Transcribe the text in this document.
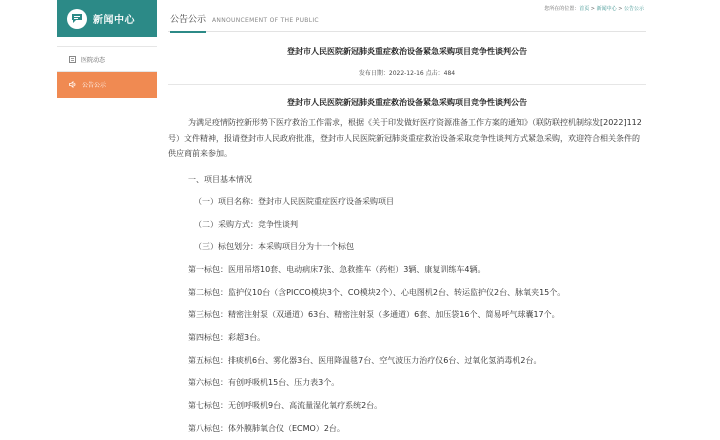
新闻中心
医院动态
公告公示
公告公示 ANNOUNCEMENT OF THE PUBLIC
您所在的位置：首页 > 新闻中心 > 公告公示
登封市人民医院新冠肺炎重症救治设备紧急采购项目竞争性谈判公告
发布日期：2022-12-16 点击：484
登封市人民医院新冠肺炎重症救治设备紧急采购项目竞争性谈判公告
为满足疫情防控新形势下医疗救治工作需求，根据《关于印发做好医疗资源准备工作方案的通知》（联防联控机制综发[2022]112号）文件精神，报请登封市人民政府批准，登封市人民医院新冠肺炎重症救治设备采取竞争性谈判方式紧急采购，欢迎符合相关条件的供应商前来参加。
一、项目基本情况
（一）项目名称：登封市人民医院重症医疗设备采购项目
（二）采购方式：竞争性谈判
（三）标包划分：本采购项目分为十一个标包
第一标包：医用吊塔10套、电动病床7张、急救推车（药柜）3辆、康复训练车4辆。
第二标包：监护仪10台（含PICCO模块3个、CO模块2个）、心电图机2台、转运监护仪2台、脉氧夹15个。
第三标包：精密注射泵（双通道）63台、精密注射泵（多通道）6套、加压袋16个、简易呼气球囊17个。
第四标包：彩超3台。
第五标包：排痰机6台、雾化器3台、医用降温毯7台、空气波压力治疗仪6台、过氧化氢消毒机2台。
第六标包：有创呼吸机15台、压力表3个。
第七标包：无创呼吸机9台、高流量湿化氧疗系统2台。
第八标包：体外膜肺氧合仪（ECMO）2台。
